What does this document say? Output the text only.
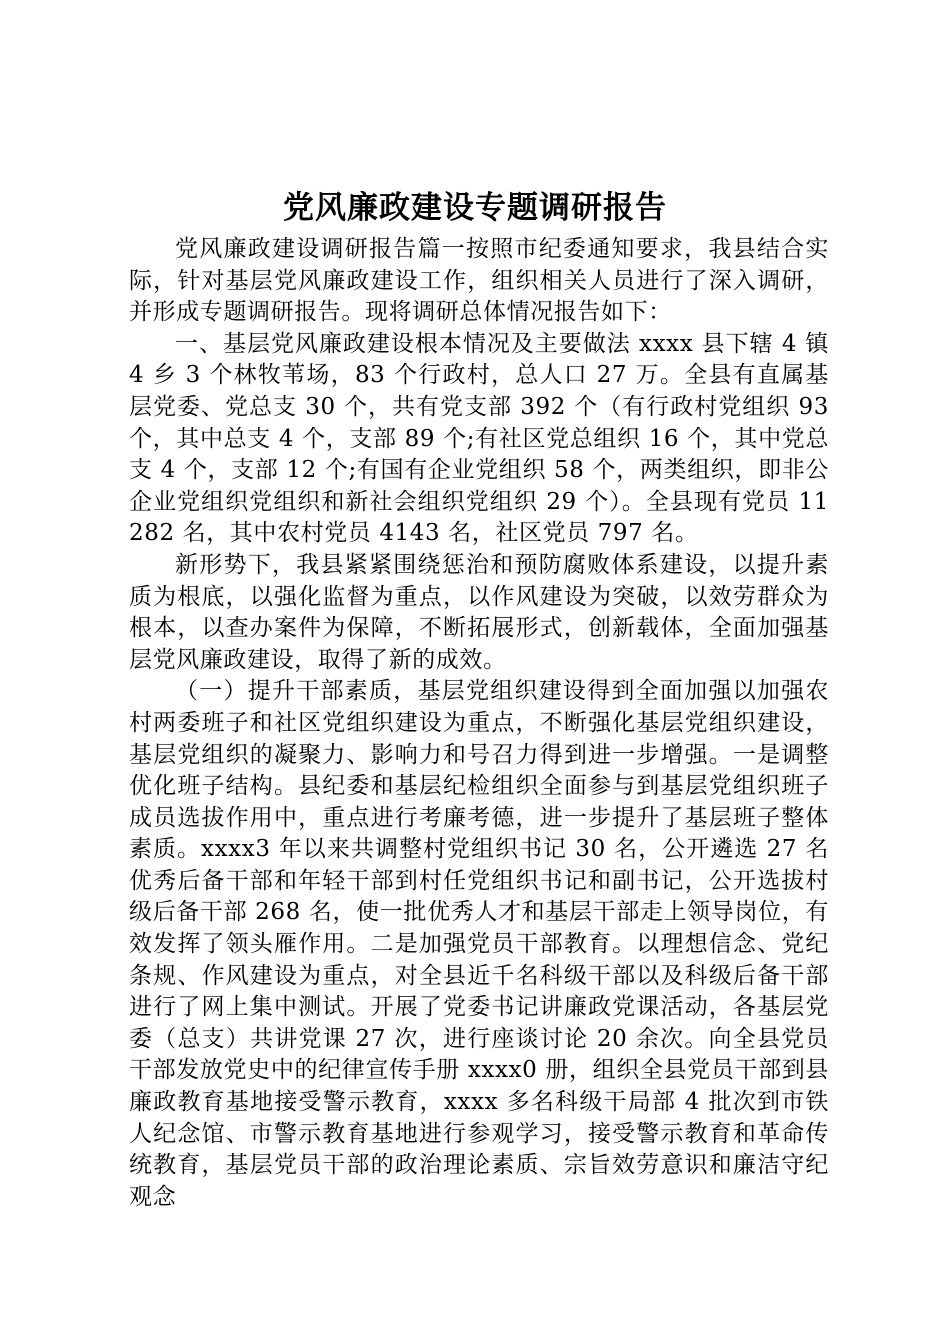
党风廉政建设专题调研报告

党风廉政建设调研报告篇一按照市纪委通知要求，我县结合实际，针对基层党风廉政建设工作，组织相关人员进行了深入调研，并形成专题调研报告。现将调研总体情况报告如下：

一、基层党风廉政建设根本情况及主要做法 xxxx 县下辖 4 镇 4 乡 3 个林牧苇场，83 个行政村，总人口 27 万。全县有直属基层党委、党总支 30 个，共有党支部 392 个（有行政村党组织 93 个，其中总支 4 个，支部 89 个;有社区党总组织 16 个，其中党总支 4 个，支部 12 个;有国有企业党组织 58 个，两类组织，即非公企业党组织党组织和新社会组织党组织 29 个）。全县现有党员 11282 名，其中农村党员 4143 名，社区党员 797 名。

新形势下，我县紧紧围绕惩治和预防腐败体系建设，以提升素质为根底，以强化监督为重点，以作风建设为突破，以效劳群众为根本，以查办案件为保障，不断拓展形式，创新载体，全面加强基层党风廉政建设，取得了新的成效。

（一）提升干部素质，基层党组织建设得到全面加强以加强农村两委班子和社区党组织建设为重点，不断强化基层党组织建设，基层党组织的凝聚力、影响力和号召力得到进一步增强。一是调整优化班子结构。县纪委和基层纪检组织全面参与到基层党组织班子成员选拔作用中，重点进行考廉考德，进一步提升了基层班子整体素质。xxxx3 年以来共调整村党组织书记 30 名，公开遴选 27 名优秀后备干部和年轻干部到村任党组织书记和副书记，公开选拔村级后备干部 268 名，使一批优秀人才和基层干部走上领导岗位，有效发挥了领头雁作用。二是加强党员干部教育。以理想信念、党纪条规、作风建设为重点，对全县近千名科级干部以及科级后备干部进行了网上集中测试。开展了党委书记讲廉政党课活动，各基层党委（总支）共讲党课 27 次，进行座谈讨论 20 余次。向全县党员干部发放党史中的纪律宣传手册 xxxx0 册，组织全县党员干部到县廉政教育基地接受警示教育，xxxx 多名科级干局部 4 批次到市铁人纪念馆、市警示教育基地进行参观学习，接受警示教育和革命传统教育，基层党员干部的政治理论素质、宗旨效劳意识和廉洁守纪观念
